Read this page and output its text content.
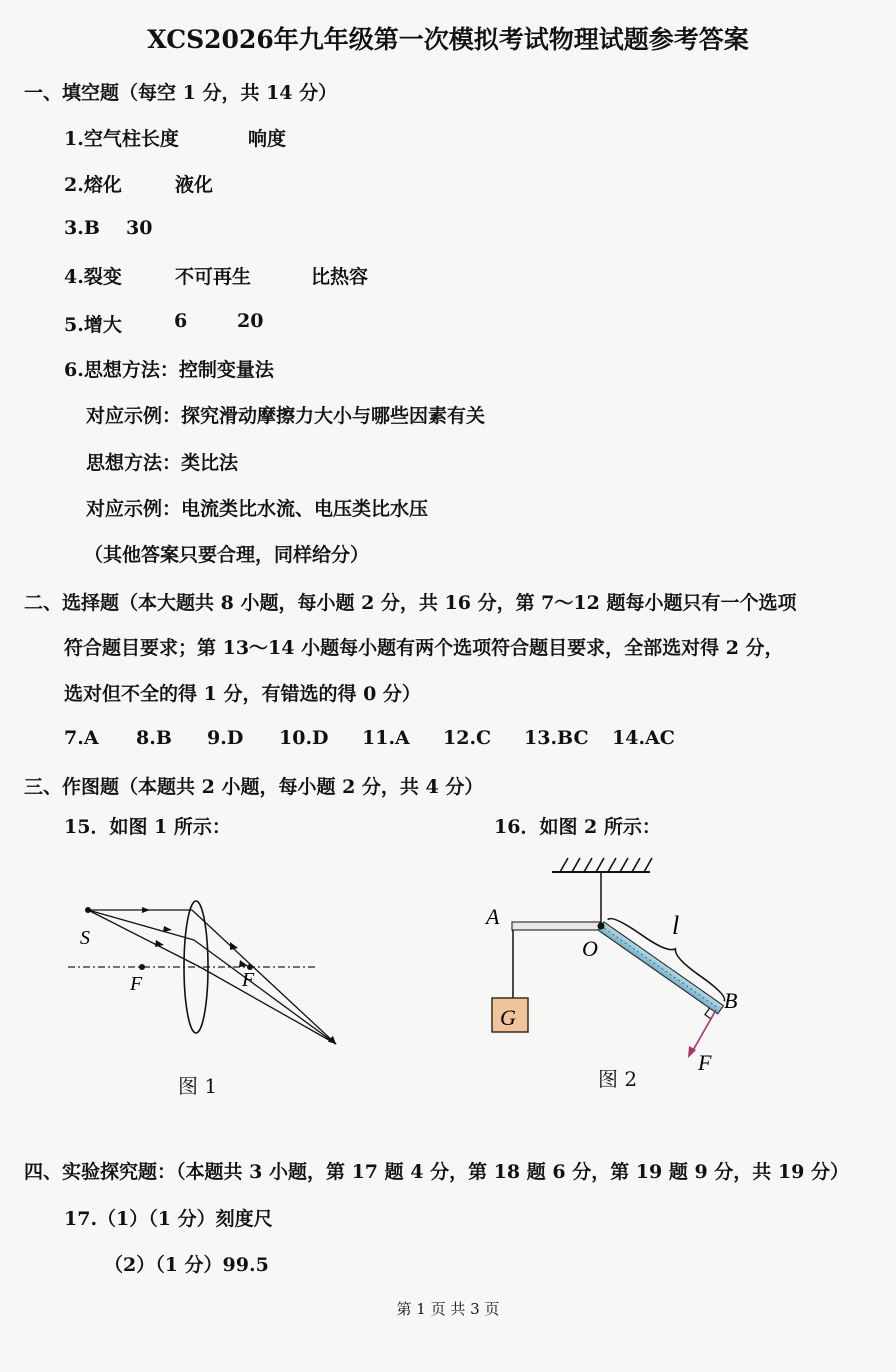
XCS2026年九年级第一次模拟考试物理试题参考答案
一、填空题（每空 1 分，共 14 分）
1.空气柱长度	响度
2.熔化	液化
3.B 30
4.裂变	不可再生	比热容
5.增大	6	20
6.思想方法：控制变量法
对应示例：探究滑动摩擦力大小与哪些因素有关
思想方法：类比法
对应示例：电流类比水流、电压类比水压
（其他答案只要合理，同样给分）
二、选择题（本大题共 8 小题，每小题 2 分，共 16 分，第 7～12 题每小题只有一个选项
符合题目要求；第 13～14 小题每小题有两个选项符合题目要求，全部选对得 2 分，
选对但不全的得 1 分，有错选的得 0 分）
7.A 8.B 9.D 10.D 11.A 12.C 13.BC 14.AC
三、作图题（本题共 2 小题，每小题 2 分，共 4 分）
15．如图 1 所示：	16．如图 2 所示：
S
F	F
图 1
A
O
l
B
G
F
图 2
四、实验探究题：（本题共 3 小题，第 17 题 4 分，第 18 题 6 分，第 19 题 9 分，共 19 分）
17.（1）（1 分）刻度尺
（2）（1 分）99.5
第 1 页 共 3 页
